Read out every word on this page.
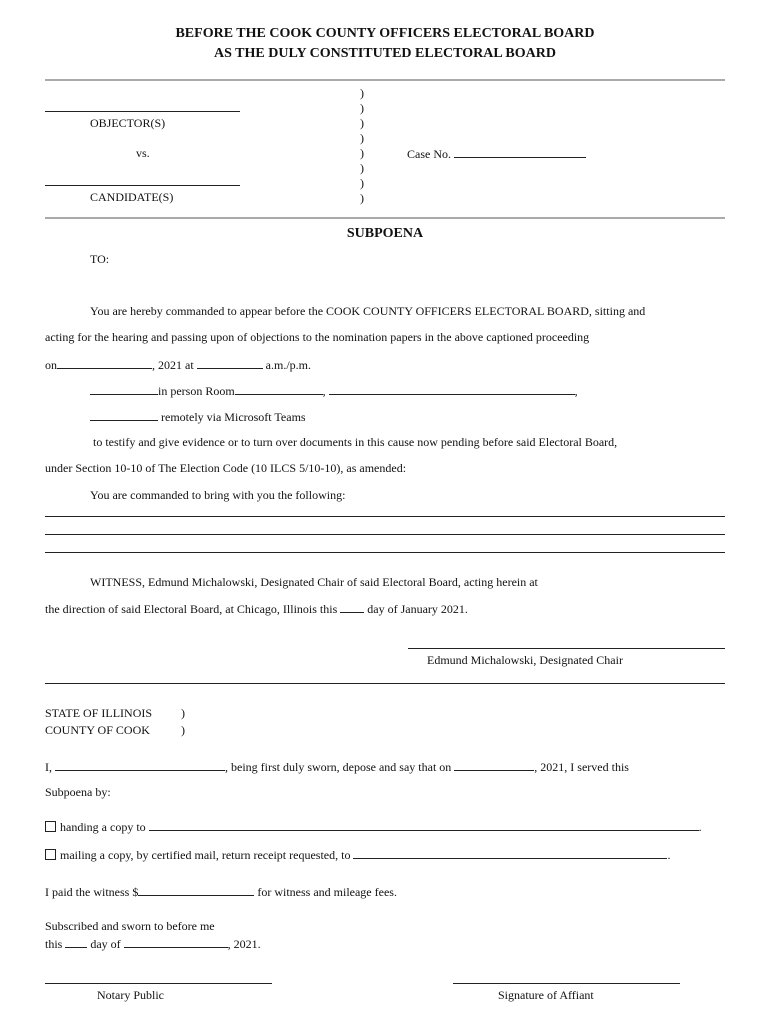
BEFORE THE COOK COUNTY OFFICERS ELECTORAL BOARD
AS THE DULY CONSTITUTED ELECTORAL BOARD
OBJECTOR(S)
vs.
CANDIDATE(S)
)
)
)
)
)
)
)
)
Case No.
SUBPOENA
TO:
You are hereby commanded to appear before the COOK COUNTY OFFICERS ELECTORAL BOARD, sitting and
acting for the hearing and passing upon of objections to the nomination papers in the above captioned proceeding
on	, 2021 at	a.m./p.m.
in person Room	,	,
remotely via Microsoft Teams
to testify and give evidence or to turn over documents in this cause now pending before said Electoral Board,
under Section 10-10 of The Election Code (10 ILCS 5/10-10), as amended:
You are commanded to bring with you the following:
WITNESS, Edmund Michalowski, Designated Chair of said Electoral Board, acting herein at
the direction of said Electoral Board, at Chicago, Illinois this	day of January 2021.
Edmund Michalowski, Designated Chair
STATE OF ILLINOIS )
COUNTY OF COOK	)
I,	, being first duly sworn, depose and say that on	, 2021, I served this
Subpoena by:
handing a copy to	.
mailing a copy, by certified mail, return receipt requested, to	.
I paid the witness $	for witness and mileage fees.
Subscribed and sworn to before me
this day of	, 2021.
Notary Public	Signature of Affiant
